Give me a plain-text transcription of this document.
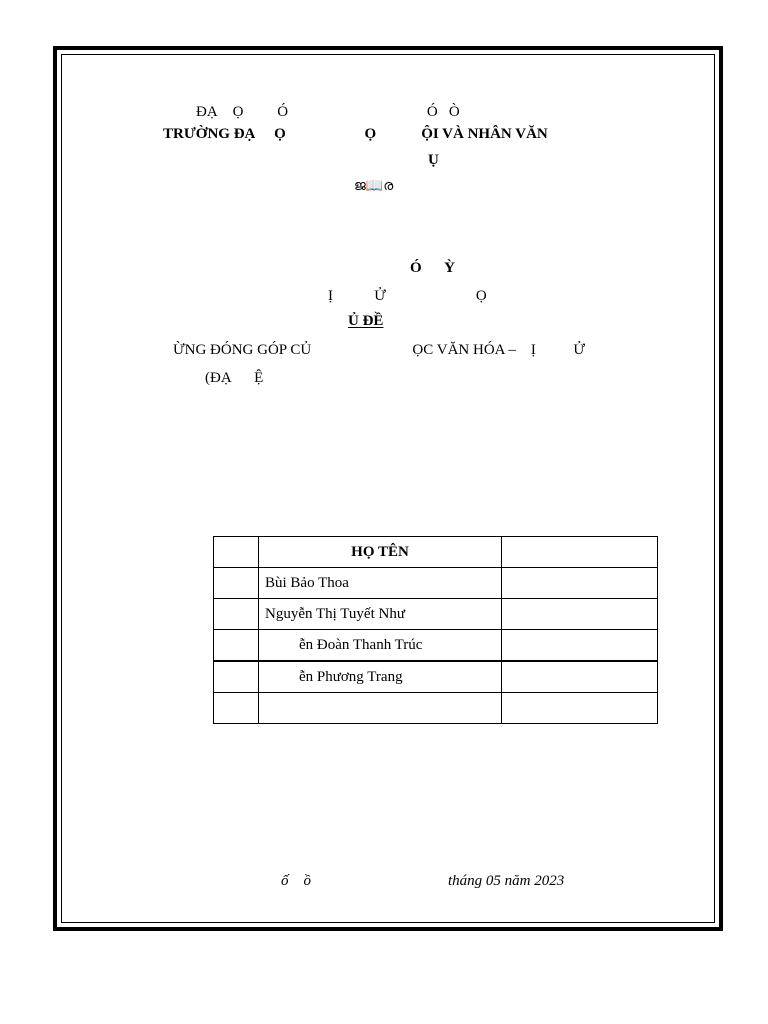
ĐẠ    Ọ         Ó                                     Ó   Ò
TRƯỜNG ĐẠ     Ọ                     Ọ            ỘI VÀ NHÂN VĂN
Ụ
ജ📖ര
Ó      Ỳ
Ị           Ử                        Ọ
Ủ ĐỀ
ỪNG ĐÓNG GÓP CỦ                           ỌC VĂN HÓA –    Ị          Ử
(ĐẠ      Ệ
	HỌ TÊN	
	Bùi Bảo Thoa	
	Nguyễn Thị Tuyết Như	
	ễn Đoàn Thanh Trúc	
	ễn Phương Trang	

ố    ồ	tháng 05 năm 2023
